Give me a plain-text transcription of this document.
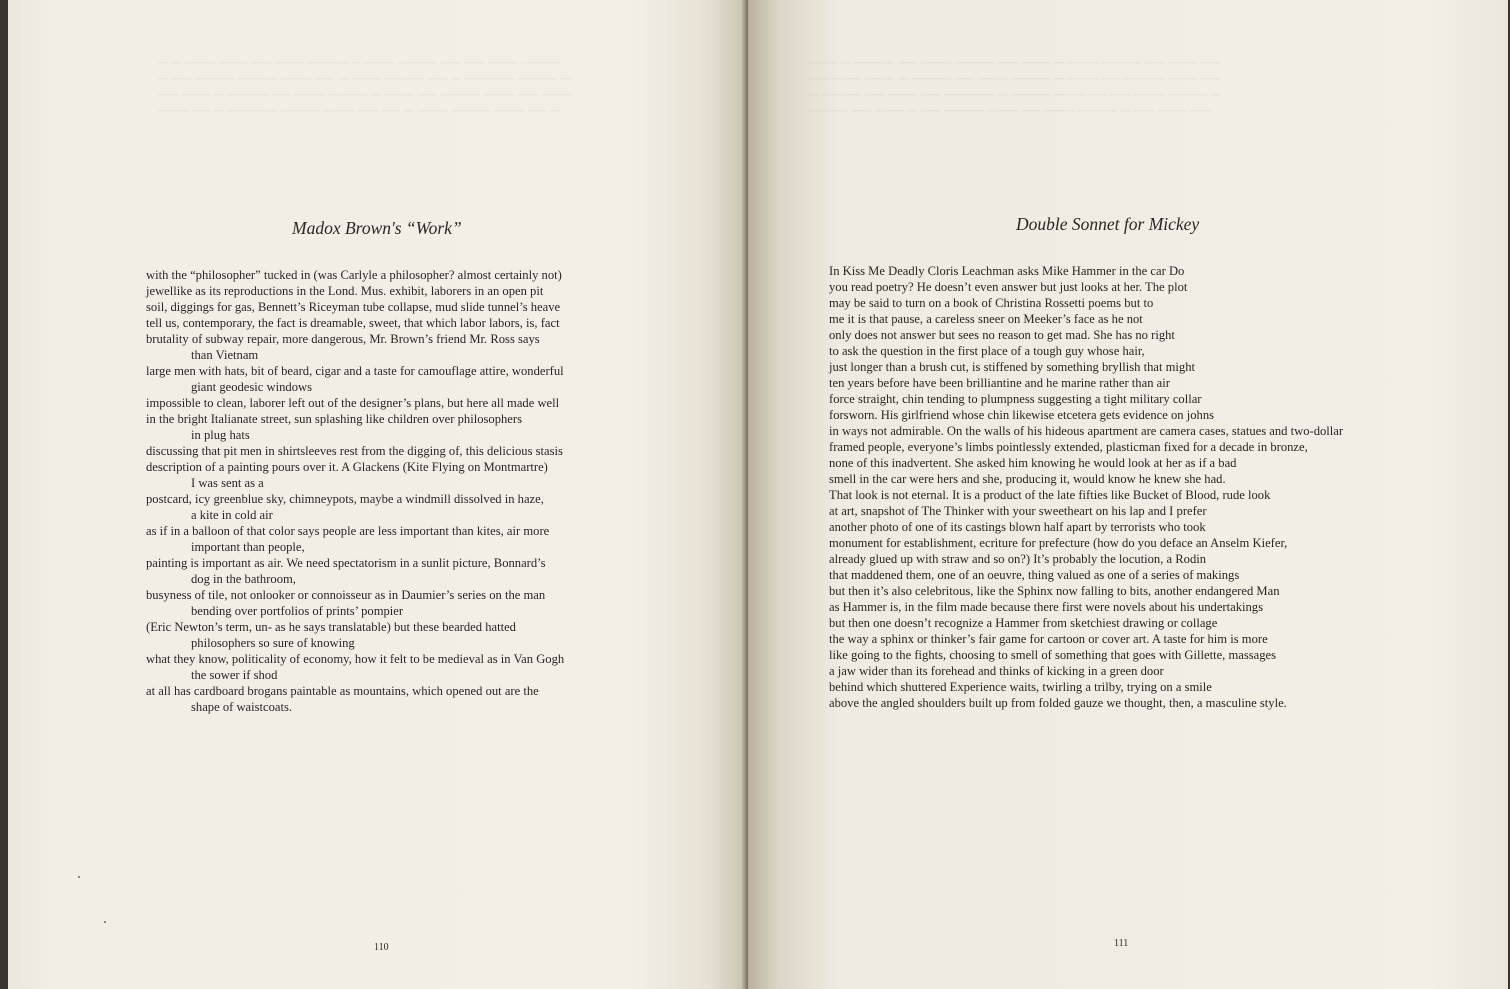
─ ─ ─── ─── ── ─── ──── ─ ─── ──── ── ── ─── ────
─ ── ──── ──── ─── ── ─ ─── ──── ── ─ ───── ──── ─
── ─── ─ ──── ── ─── ──── ─ ─── ── ──── ─── ── ───
─── ── ─ ───── ──── ─── ── ── ─ ─── ──── ─── ── ─

Madox Brown's “Work”
with the “philosopher” tucked in (was Carlyle a philosopher? almost certainly not)
jewellike as its reproductions in the Lond. Mus. exhibit, laborers in an open pit
soil, diggings for gas, Bennett’s Riceyman tube collapse, mud slide tunnel’s heave
tell us, contemporary, the fact is dreamable, sweet, that which labor labors, is, fact
brutality of subway repair, more dangerous, Mr. Brown’s friend Mr. Ross says
than Vietnam
large men with hats, bit of beard, cigar and a taste for camouflage attire, wonderful
giant geodesic windows
impossible to clean, laborer left out of the designer’s plans, but here all made well
in the bright Italianate street, sun splashing like children over philosophers
in plug hats
discussing that pit men in shirtsleeves rest from the digging of, this delicious stasis
description of a painting pours over it. A Glackens (Kite Flying on Montmartre)
I was sent as a
postcard, icy greenblue sky, chimneypots, maybe a windmill dissolved in haze,
a kite in cold air
as if in a balloon of that color says people are less important than kites, air more
important than people,
painting is important as air. We need spectatorism in a sunlit picture, Bonnard’s
dog in the bathroom,
busyness of tile, not onlooker or connoisseur as in Daumier’s series on the man
bending over portfolios of prints’ pompier
(Eric Newton’s term, un- as he says translatable) but these bearded hatted
philosophers so sure of knowing
what they know, politicality of economy, how it felt to be medieval as in Van Gogh
the sower if shod
at all has cardboard brogans paintable as mountains, which opened out are the
shape of waistcoats.
110

─── ─ ──── ── ─── ──── ── ─── ─ ─── ──── ── ─── ──
── ─── ─── ─ ──── ── ─── ──── ─ ─── ── ──── ─── ──
─ ──── ── ─── ── ───── ─ ──── ─── ── ── ─── ──── ─
──── ── ─── ─ ── ──── ─── ── ─── ──── ─ ── ─── ──

Double Sonnet for Mickey
In Kiss Me Deadly Cloris Leachman asks Mike Hammer in the car Do
you read poetry? He doesn’t even answer but just looks at her. The plot
may be said to turn on a book of Christina Rossetti poems but to
me it is that pause, a careless sneer on Meeker’s face as he not
only does not answer but sees no reason to get mad. She has no right
to ask the question in the first place of a tough guy whose hair,
just longer than a brush cut, is stiffened by something bryllish that might
ten years before have been brilliantine and he marine rather than air
force straight, chin tending to plumpness suggesting a tight military collar
forsworn. His girlfriend whose chin likewise etcetera gets evidence on johns
in ways not admirable. On the walls of his hideous apartment are camera cases, statues and two-dollar
framed people, everyone’s limbs pointlessly extended, plasticman fixed for a decade in bronze,
none of this inadvertent. She asked him knowing he would look at her as if a bad
smell in the car were hers and she, producing it, would know he knew she had.
That look is not eternal. It is a product of the late fifties like Bucket of Blood, rude look
at art, snapshot of The Thinker with your sweetheart on his lap and I prefer
another photo of one of its castings blown half apart by terrorists who took
monument for establishment, ecriture for prefecture (how do you deface an Anselm Kiefer,
already glued up with straw and so on?) It’s probably the locution, a Rodin
that maddened them, one of an oeuvre, thing valued as one of a series of makings
but then it’s also celebritous, like the Sphinx now falling to bits, another endangered Man
as Hammer is, in the film made because there first were novels about his undertakings
but then one doesn’t recognize a Hammer from sketchiest drawing or collage
the way a sphinx or thinker’s fair game for cartoon or cover art. A taste for him is more
like going to the fights, choosing to smell of something that goes with Gillette, massages
a jaw wider than its forehead and thinks of kicking in a green door
behind which shuttered Experience waits, twirling a trilby, trying on a smile
above the angled shoulders built up from folded gauze we thought, then, a masculine style.
111
